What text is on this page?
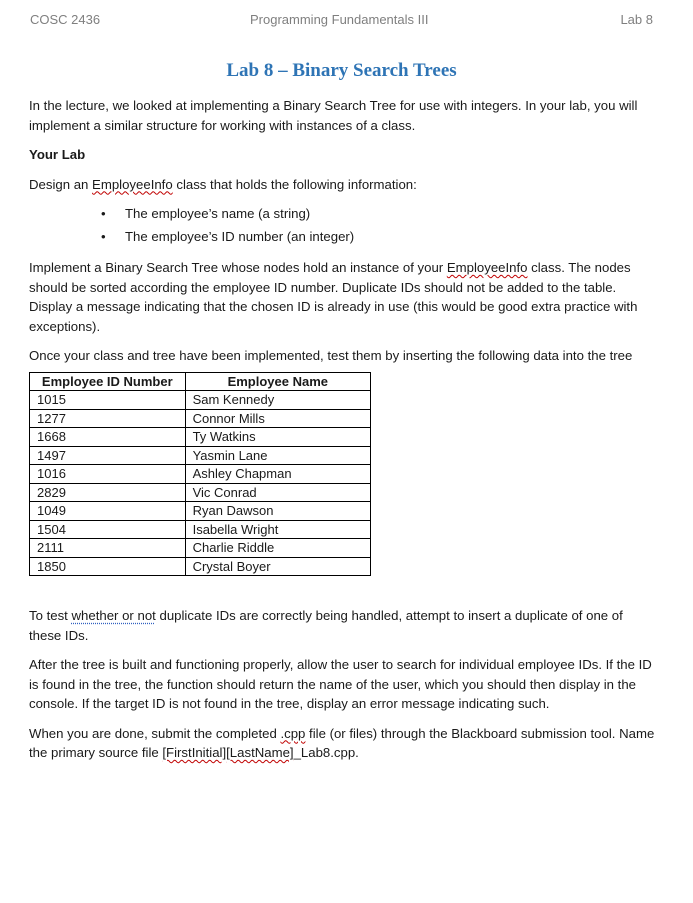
COSC 2436	Programming Fundamentals III	Lab 8
Lab 8 – Binary Search Trees

In the lecture, we looked at implementing a Binary Search Tree for use with integers. In your lab, you will implement a similar structure for working with instances of a class.

Your Lab

Design an EmployeeInfo class that holds the following information:

• The employee’s name (a string)
• The employee’s ID number (an integer)

Implement a Binary Search Tree whose nodes hold an instance of your EmployeeInfo class. The nodes should be sorted according the employee ID number. Duplicate IDs should not be added to the table. Display a message indicating that the chosen ID is already in use (this would be good extra practice with exceptions).

Once your class and tree have been implemented, test them by inserting the following data into the tree

Employee ID Number	Employee Name
1015	Sam Kennedy
1277	Connor Mills
1668	Ty Watkins
1497	Yasmin Lane
1016	Ashley Chapman
2829	Vic Conrad
1049	Ryan Dawson
1504	Isabella Wright
2111	Charlie Riddle
1850	Crystal Boyer

To test whether or not duplicate IDs are correctly being handled, attempt to insert a duplicate of one of these IDs.

After the tree is built and functioning properly, allow the user to search for individual employee IDs. If the ID is found in the tree, the function should return the name of the user, which you should then display in the console. If the target ID is not found in the tree, display an error message indicating such.

When you are done, submit the completed .cpp file (or files) through the Blackboard submission tool. Name the primary source file [FirstInitial][LastName]_Lab8.cpp.
